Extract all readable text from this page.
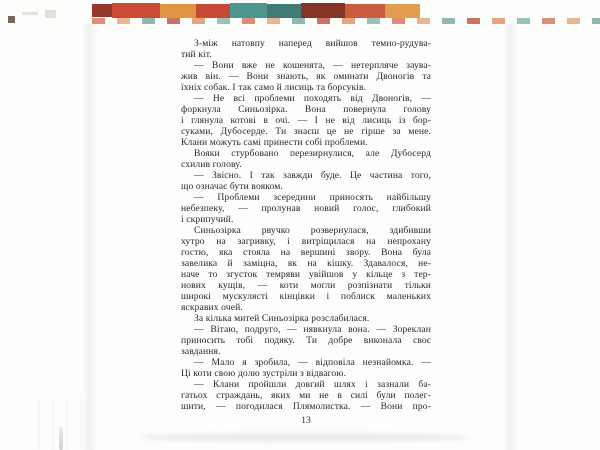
З-між натовпу наперед вийшов темно-рудува-
тий кіт.
— Вони вже не кошенята, — нетерпляче заува-
жив він. — Вони знають, як оминати Двоногів та
їхніх собак. І так само й лисиць та борсуків.
— Не всі проблеми походять від Двоногів, —
форкнула Синьозірка. Вона повернула голову
і глянула котові в очі. — І не від лисиць із бор-
суками, Дубосерде. Ти знаєш це не гірше за мене.
Клани можуть самі принести собі проблеми.
Вояки стурбовано перезирнулися, але Дубосерд
схилив голову.
— Звісно. І так завжди буде. Це частина того,
що означає бути вояком.
— Проблеми зсередини приносять найбільшу
небезпеку, — пролунав новий голос, глибокий
і скрипучий.
Синьозірка рвучко розвернулася, здибивши
хутро на загривку, і витріщилася на непрохану
гостю, яка стояла на вершині звору. Вона була
завелика й заміцна, як на кішку. Здавалося, не-
наче то згусток темряви увійшов у кільце з тер-
нових кущів, — коти могли розпізнати тільки
широкі мускулясті кінцівки і поблиск маленьких
яскравих очей.
За кілька митей Синьозірка розслабилася.
— Вітаю, подруго, — нявкнула вона. — Зореклан
приносить тобі подяку. Ти добре виконала своє
завдання.
— Мало я зробила, — відповіла незнайомка. —
Ці коти свою долю зустріли з відвагою.
— Клани пройшли довгий шлях і зазнали ба-
гатьох страждань, яких ми не в силі були полег-
шити, — погодилася Плямолистка. — Вони про-
13
